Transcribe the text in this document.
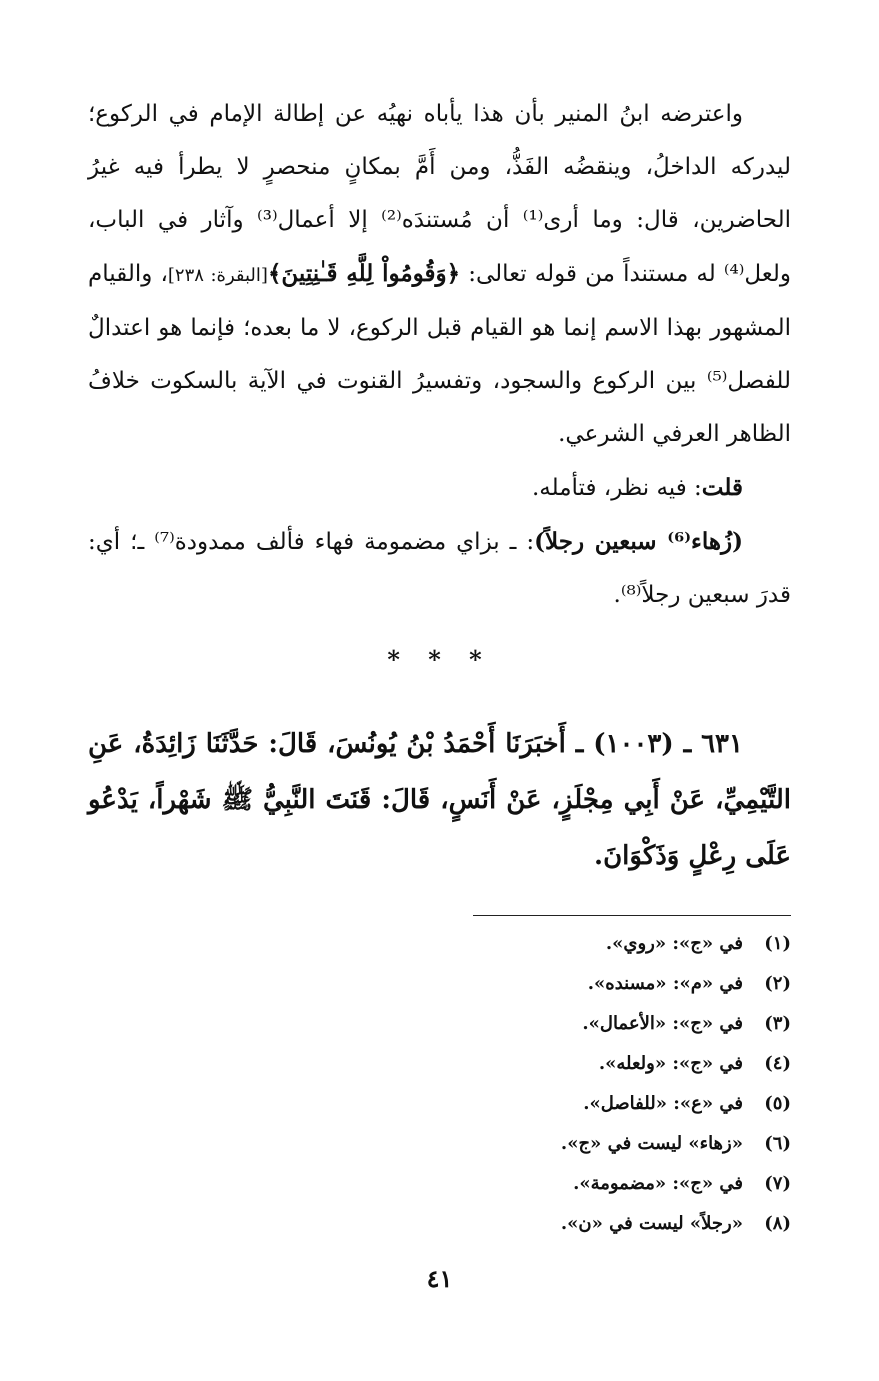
واعترضه ابنُ المنير بأن هذا يأباه نهيُه عن إطالة الإمام في الركوع؛ ليدركه الداخلُ، وينقضُه الفَذُّ، ومن أَمَّ بمكانٍ منحصرٍ لا يطرأ فيه غيرُ الحاضرين، قال: وما أرى⁽¹⁾ أن مُستندَه⁽²⁾ إلا أعمال⁽³⁾ وآثار في الباب، ولعل⁽⁴⁾ له مستنداً من قوله تعالى: ﴿وَقُومُواْ لِلَّهِ قَـٰنِتِينَ﴾[البقرة: ٢٣٨]، والقيام المشهور بهذا الاسم إنما هو القيام قبل الركوع، لا ما بعده؛ فإنما هو اعتدالٌ للفصل⁽⁵⁾ بين الركوع والسجود، وتفسيرُ القنوت في الآية بالسكوت خلافُ الظاهر العرفي الشرعي.

قلت: فيه نظر، فتأمله.

(زُهاء⁽⁶⁾ سبعين رجلاً): ـ بزاي مضمومة فهاء فألف ممدودة⁽⁷⁾ ـ؛ أي: قدرَ سبعين رجلاً⁽⁸⁾.

* * *

٦٣١ ـ (١٠٠٣) ـ أَخبَرَنَا أَحْمَدُ بْنُ يُونُسَ، قَالَ: حَدَّثَنَا زَائِدَةُ، عَنِ التَّيْمِيِّ، عَنْ أَبِي مِجْلَزٍ، عَنْ أَنَسٍ، قَالَ: قَنَتَ النَّبِيُّ ﷺ شَهْراً، يَدْعُو عَلَى رِعْلٍ وَذَكْوَانَ.

(١)
في «ج»: «روي».
(٢)
في «م»: «مسنده».
(٣)
في «ج»: «الأعمال».
(٤)
في «ج»: «ولعله».
(٥)
في «ع»: «للفاصل».
(٦)
«زهاء» ليست في «ج».
(٧)
في «ج»: «مضمومة».
(٨)
«رجلاً» ليست في «ن».
٤١
